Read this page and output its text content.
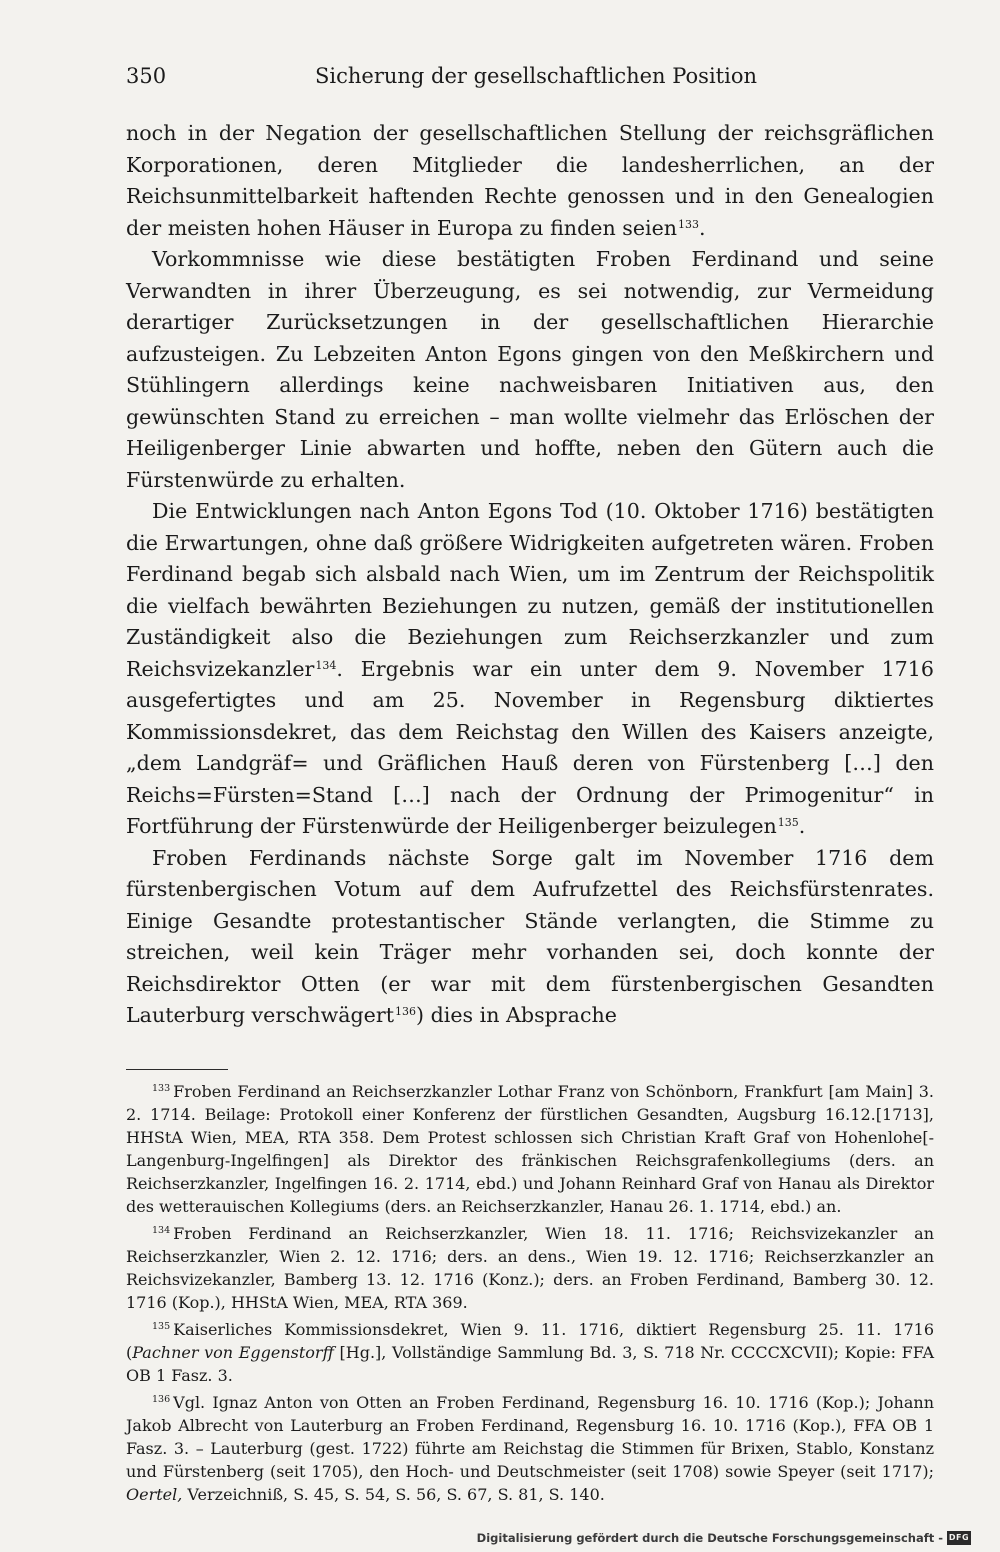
350	Sicherung der gesellschaftlichen Position

noch in der Negation der gesellschaftlichen Stellung der reichsgräflichen Korporationen, deren Mitglieder die landesherrlichen, an der Reichsunmittelbarkeit haftenden Rechte genossen und in den Genealogien der meisten hohen Häuser in Europa zu finden seien$^{133}$.

Vorkommnisse wie diese bestätigten Froben Ferdinand und seine Verwandten in ihrer Überzeugung, es sei notwendig, zur Vermeidung derartiger Zurücksetzungen in der gesellschaftlichen Hierarchie aufzusteigen. Zu Lebzeiten Anton Egons gingen von den Meßkirchern und Stühlingern allerdings keine nachweisbaren Initiativen aus, den gewünschten Stand zu erreichen – man wollte vielmehr das Erlöschen der Heiligenberger Linie abwarten und hoffte, neben den Gütern auch die Fürstenwürde zu erhalten.

Die Entwicklungen nach Anton Egons Tod (10. Oktober 1716) bestätigten die Erwartungen, ohne daß größere Widrigkeiten aufgetreten wären. Froben Ferdinand begab sich alsbald nach Wien, um im Zentrum der Reichspolitik die vielfach bewährten Beziehungen zu nutzen, gemäß der institutionellen Zuständigkeit also die Beziehungen zum Reichserzkanzler und zum Reichsvizekanzler$^{134}$. Ergebnis war ein unter dem 9. November 1716 ausgefertigtes und am 25. November in Regensburg diktiertes Kommissionsdekret, das dem Reichstag den Willen des Kaisers anzeigte, „dem Landgräf= und Gräflichen Hauß deren von Fürstenberg […] den Reichs=Fürsten=Stand […] nach der Ordnung der Primogenitur“ in Fortführung der Fürstenwürde der Heiligenberger beizulegen$^{135}$.

Froben Ferdinands nächste Sorge galt im November 1716 dem fürstenbergischen Votum auf dem Aufrufzettel des Reichsfürstenrates. Einige Gesandte protestantischer Stände verlangten, die Stimme zu streichen, weil kein Träger mehr vorhanden sei, doch konnte der Reichsdirektor Otten (er war mit dem fürstenbergischen Gesandten Lauterburg verschwägert$^{136}$) dies in Absprache

$^{133}$ Froben Ferdinand an Reichserzkanzler Lothar Franz von Schönborn, Frankfurt [am Main] 3. 2. 1714. Beilage: Protokoll einer Konferenz der fürstlichen Gesandten, Augsburg 16.12.[1713], HHStA Wien, MEA, RTA 358. Dem Protest schlossen sich Christian Kraft Graf von Hohenlohe[-Langenburg-Ingelfingen] als Direktor des fränkischen Reichsgrafenkollegiums (ders. an Reichserzkanzler, Ingelfingen 16. 2. 1714, ebd.) und Johann Reinhard Graf von Hanau als Direktor des wetterauischen Kollegiums (ders. an Reichserzkanzler, Hanau 26. 1. 1714, ebd.) an.

$^{134}$ Froben Ferdinand an Reichserzkanzler, Wien 18. 11. 1716; Reichsvizekanzler an Reichserzkanzler, Wien 2. 12. 1716; ders. an dens., Wien 19. 12. 1716; Reichserzkanzler an Reichsvizekanzler, Bamberg 13. 12. 1716 (Konz.); ders. an Froben Ferdinand, Bamberg 30. 12. 1716 (Kop.), HHStA Wien, MEA, RTA 369.

$^{135}$ Kaiserliches Kommissionsdekret, Wien 9. 11. 1716, diktiert Regensburg 25. 11. 1716 (Pachner von Eggenstorff [Hg.], Vollständige Sammlung Bd. 3, S. 718 Nr. CCCCXCVII); Kopie: FFA OB 1 Fasz. 3.

$^{136}$ Vgl. Ignaz Anton von Otten an Froben Ferdinand, Regensburg 16. 10. 1716 (Kop.); Johann Jakob Albrecht von Lauterburg an Froben Ferdinand, Regensburg 16. 10. 1716 (Kop.), FFA OB 1 Fasz. 3. – Lauterburg (gest. 1722) führte am Reichstag die Stimmen für Brixen, Stablo, Konstanz und Fürstenberg (seit 1705), den Hoch- und Deutschmeister (seit 1708) sowie Speyer (seit 1717); Oertel, Verzeichniß, S. 45, S. 54, S. 56, S. 67, S. 81, S. 140.

Digitalisierung gefördert durch die Deutsche Forschungsgemeinschaft - DFG
